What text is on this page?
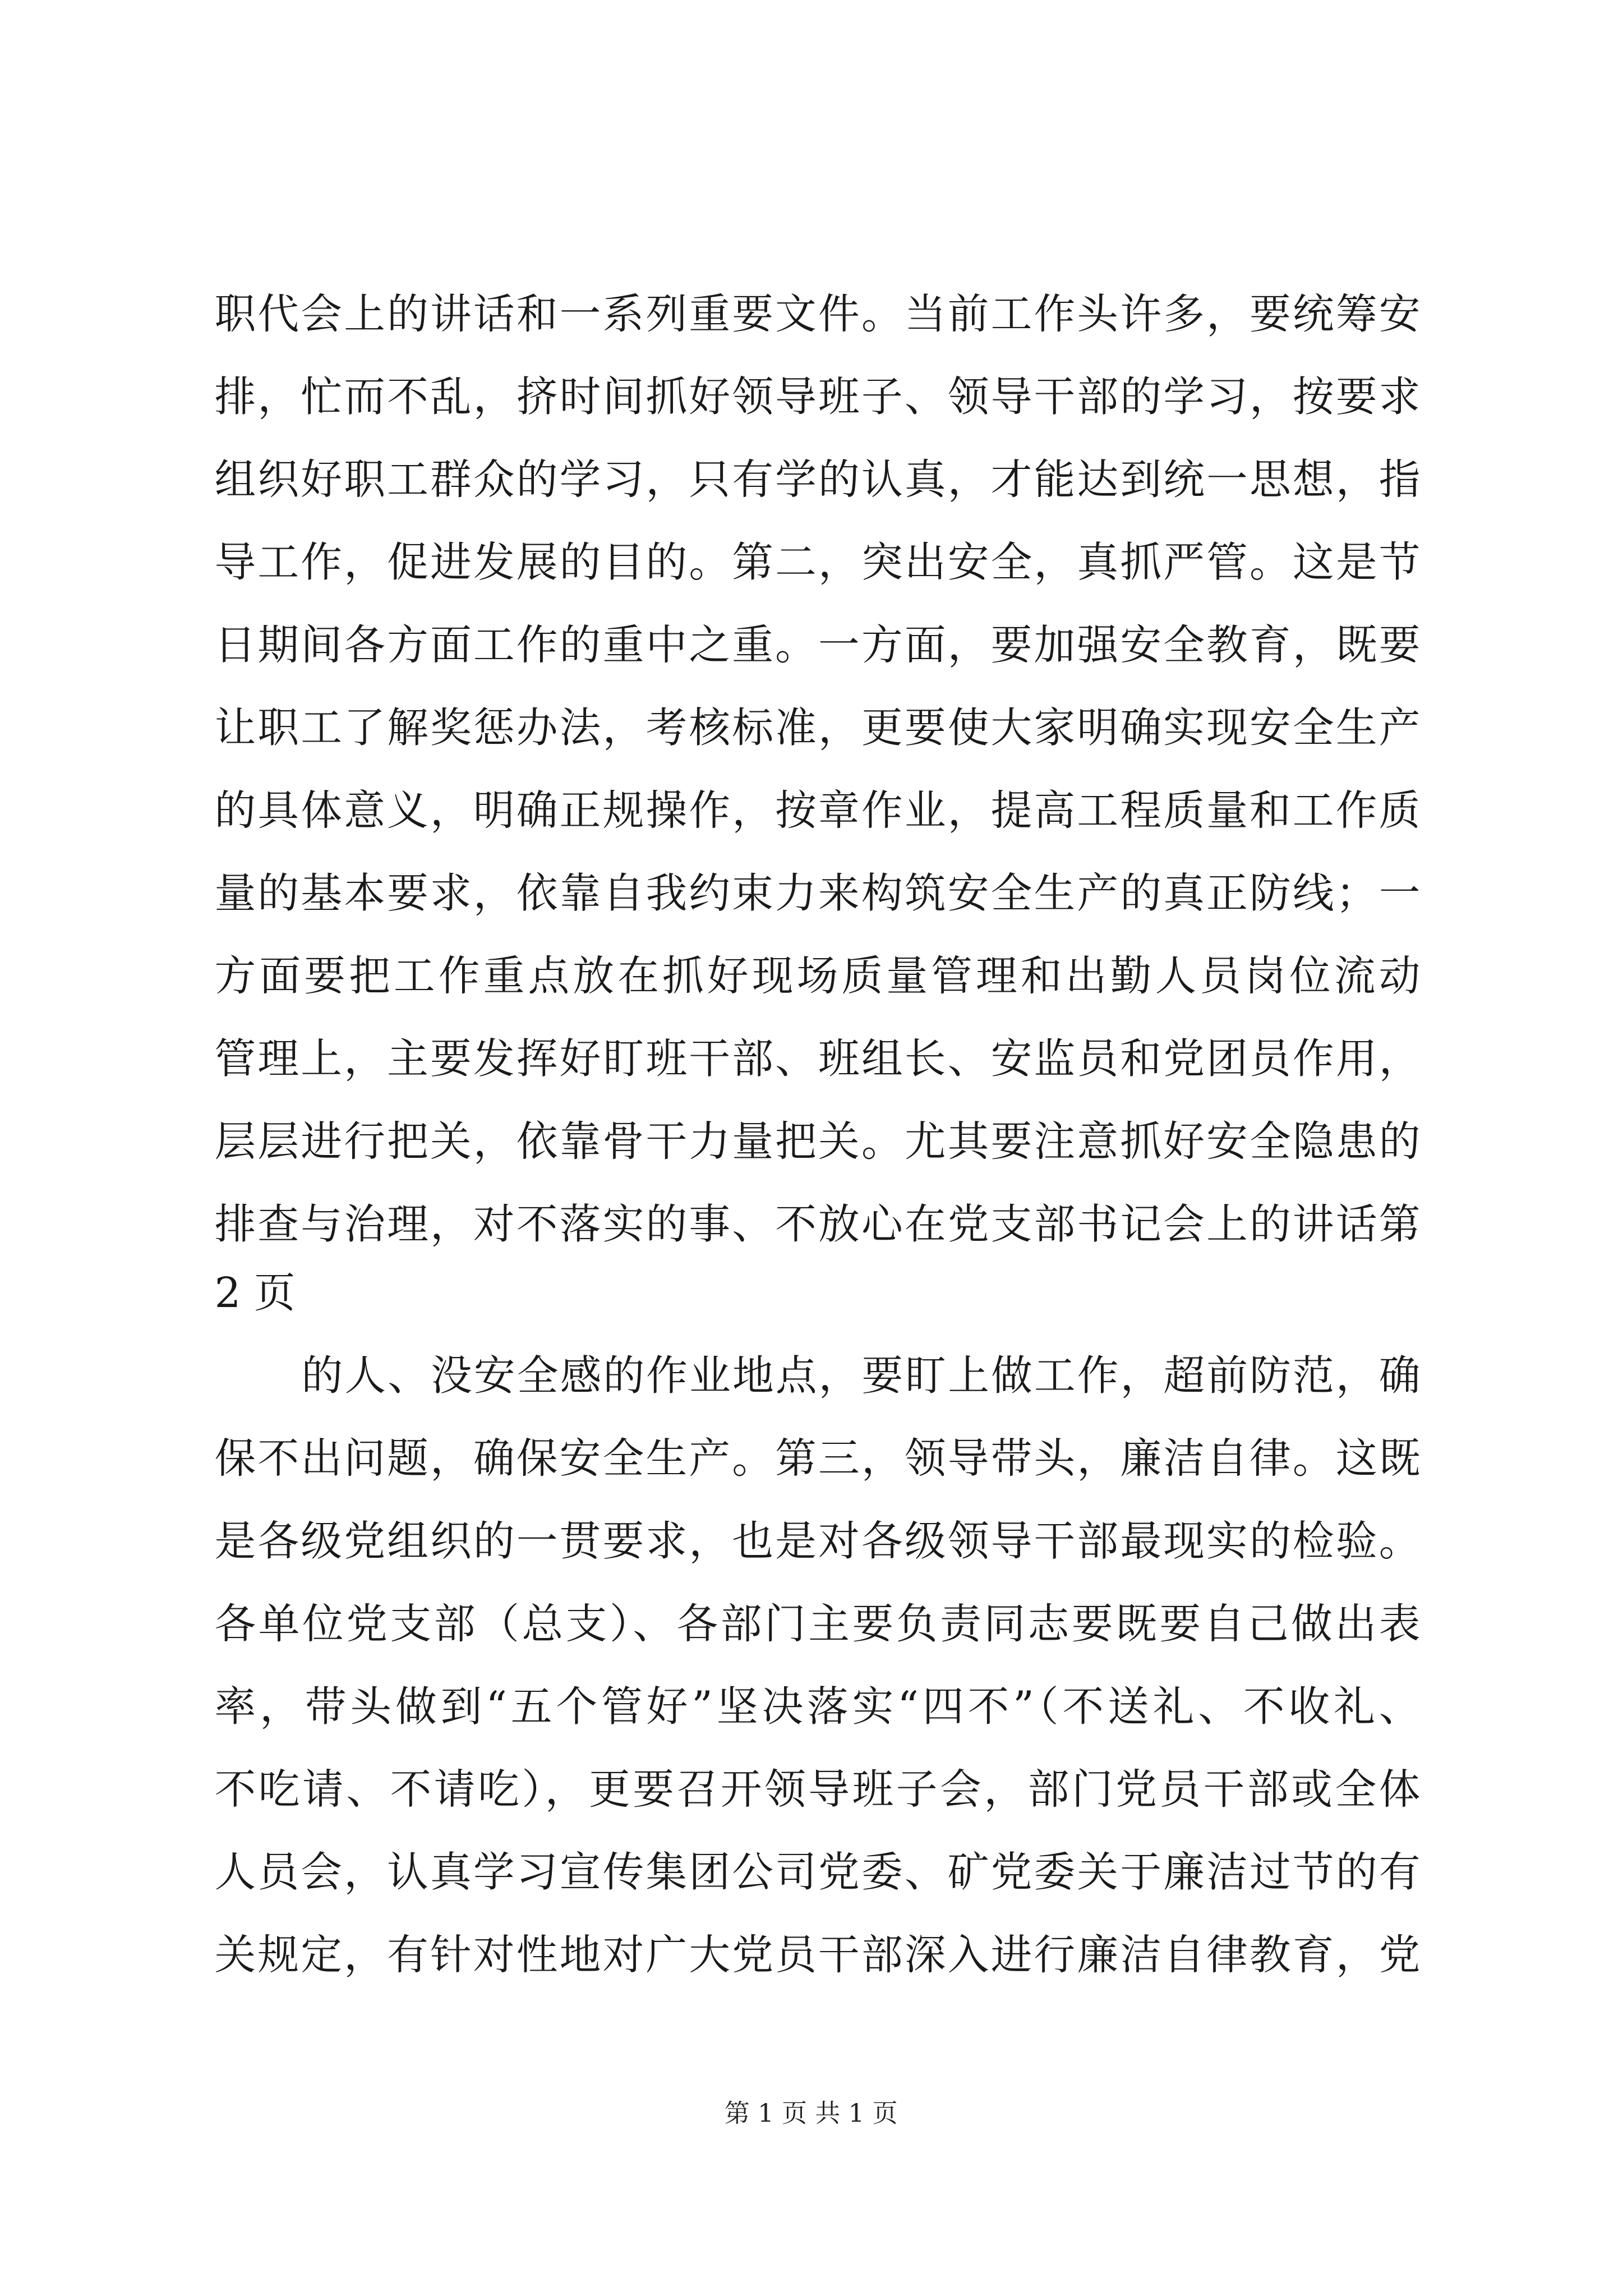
职代会上的讲话和一系列重要文件。当前工作头许多，要统筹安
排，忙而不乱，挤时间抓好领导班子、领导干部的学习，按要求
组织好职工群众的学习，只有学的认真，才能达到统一思想，指
导工作，促进发展的目的。第二，突出安全，真抓严管。这是节
日期间各方面工作的重中之重。一方面，要加强安全教育，既要
让职工了解奖惩办法，考核标准，更要使大家明确实现安全生产
的具体意义，明确正规操作，按章作业，提高工程质量和工作质
量的基本要求，依靠自我约束力来构筑安全生产的真正防线；一
方面要把工作重点放在抓好现场质量管理和出勤人员岗位流动
管理上，主要发挥好盯班干部、班组长、安监员和党团员作用，
层层进行把关，依靠骨干力量把关。尤其要注意抓好安全隐患的
排查与治理，对不落实的事、不放心在党支部书记会上的讲话第
2 页
的人、没安全感的作业地点，要盯上做工作，超前防范，确
保不出问题，确保安全生产。第三，领导带头，廉洁自律。这既
是各级党组织的一贯要求，也是对各级领导干部最现实的检验。
各单位党支部（总支）、各部门主要负责同志要既要自己做出表
率，带头做到“五个管好”坚决落实“四不”（不送礼、不收礼、
不吃请、不请吃），更要召开领导班子会，部门党员干部或全体
人员会，认真学习宣传集团公司党委、矿党委关于廉洁过节的有
关规定，有针对性地对广大党员干部深入进行廉洁自律教育，党
第 1 页 共 1 页
